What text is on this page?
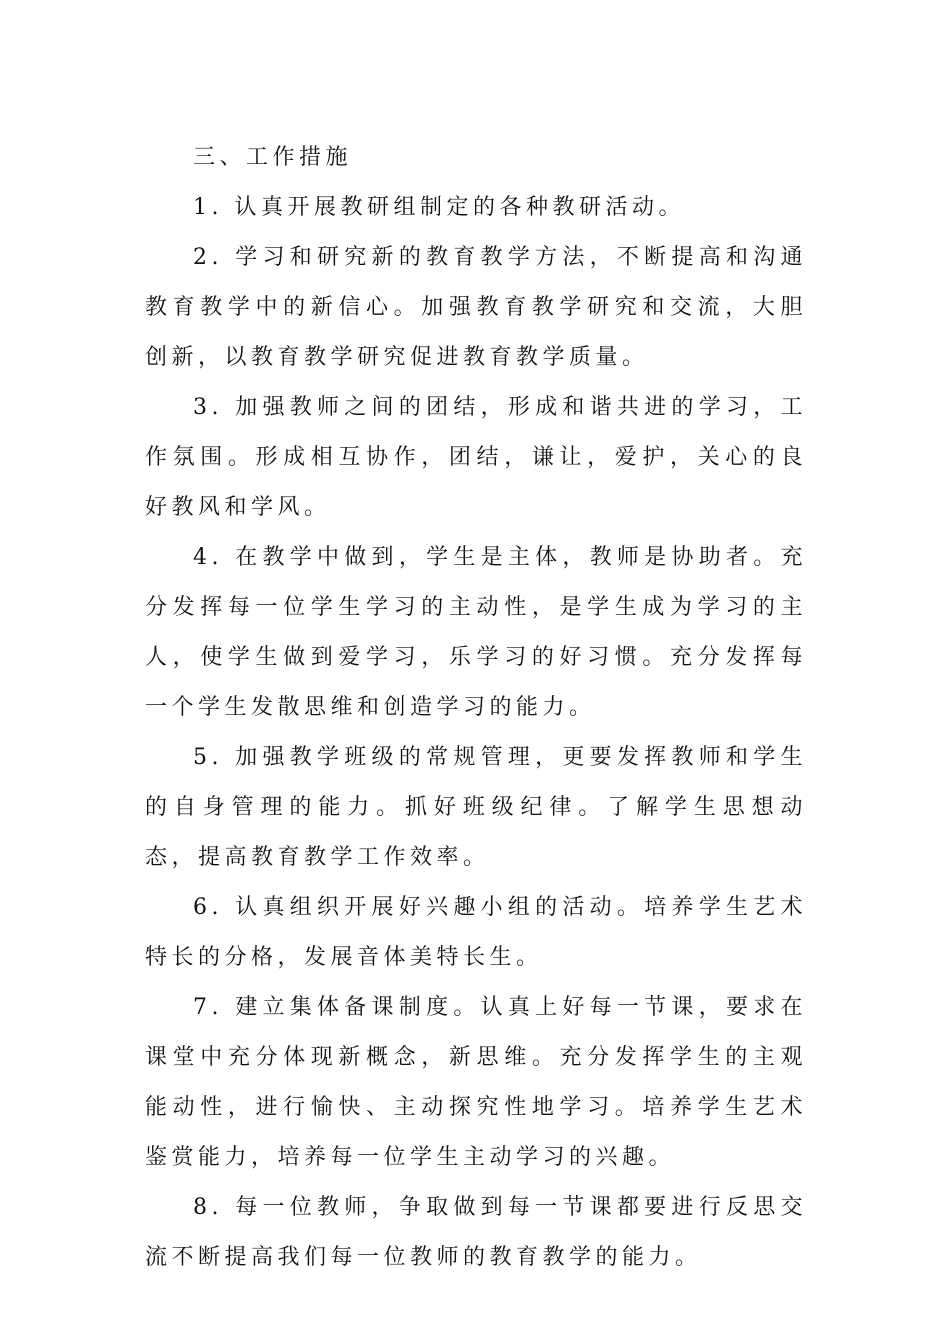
三、工作措施

1. 认真开展教研组制定的各种教研活动。

2. 学习和研究新的教育教学方法，不断提高和沟通教育教学中的新信心。加强教育教学研究和交流，大胆创新，以教育教学研究促进教育教学质量。

3. 加强教师之间的团结，形成和谐共进的学习，工作氛围。形成相互协作，团结，谦让，爱护，关心的良好教风和学风。

4. 在教学中做到，学生是主体，教师是协助者。充分发挥每一位学生学习的主动性，是学生成为学习的主人，使学生做到爱学习，乐学习的好习惯。充分发挥每一个学生发散思维和创造学习的能力。

5. 加强教学班级的常规管理，更要发挥教师和学生的自身管理的能力。抓好班级纪律。了解学生思想动态，提高教育教学工作效率。

6. 认真组织开展好兴趣小组的活动。培养学生艺术特长的分格，发展音体美特长生。

7. 建立集体备课制度。认真上好每一节课，要求在课堂中充分体现新概念，新思维。充分发挥学生的主观能动性，进行愉快、主动探究性地学习。培养学生艺术鉴赏能力，培养每一位学生主动学习的兴趣。

8. 每一位教师，争取做到每一节课都要进行反思交流不断提高我们每一位教师的教育教学的能力。
